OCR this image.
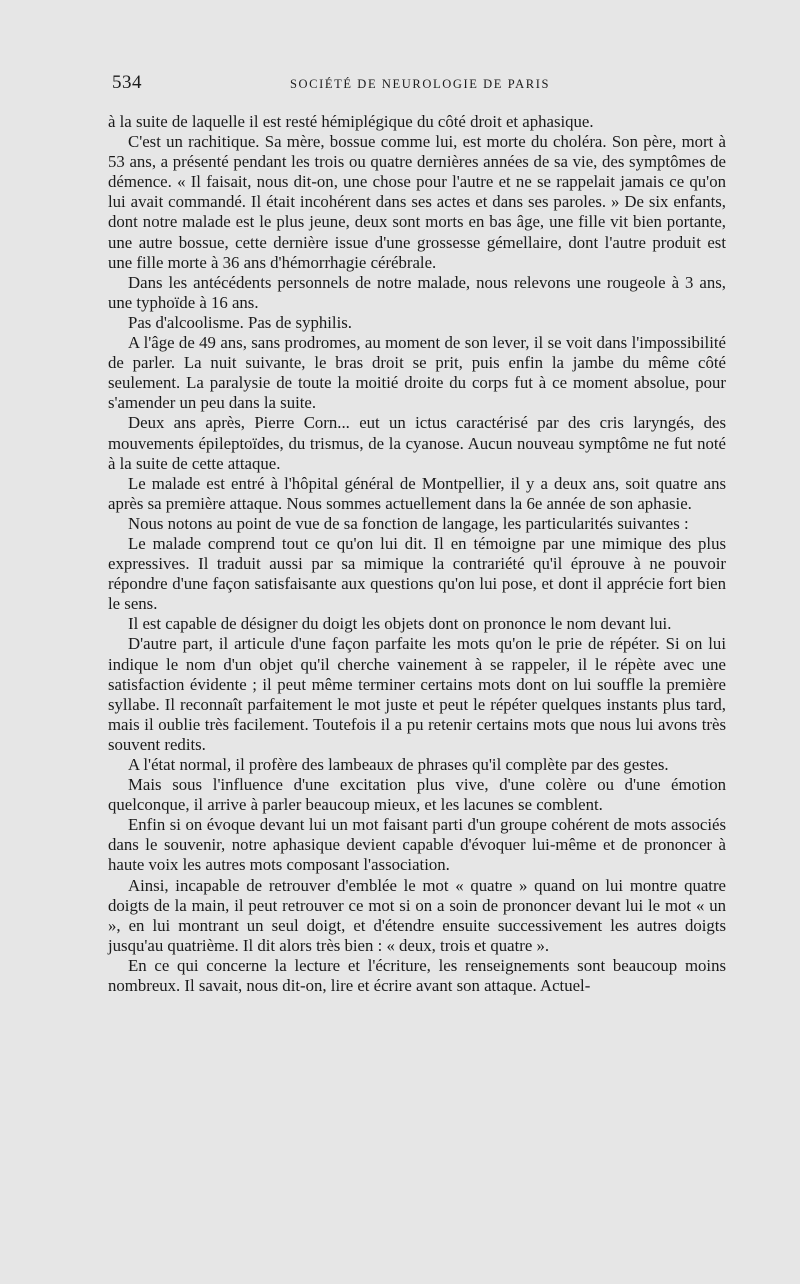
534	SOCIÉTÉ DE NEUROLOGIE DE PARIS

à la suite de laquelle il est resté hémiplégique du côté droit et aphasique.

C'est un rachitique. Sa mère, bossue comme lui, est morte du choléra. Son père, mort à 53 ans, a présenté pendant les trois ou quatre dernières années de sa vie, des symptômes de démence. « Il faisait, nous dit-on, une chose pour l'autre et ne se rappelait jamais ce qu'on lui avait commandé. Il était incohérent dans ses actes et dans ses paroles. » De six enfants, dont notre malade est le plus jeune, deux sont morts en bas âge, une fille vit bien portante, une autre bossue, cette dernière issue d'une grossesse gémellaire, dont l'autre produit est une fille morte à 36 ans d'hémorrhagie cérébrale.

Dans les antécédents personnels de notre malade, nous relevons une rougeole à 3 ans, une typhoïde à 16 ans.

Pas d'alcoolisme. Pas de syphilis.

A l'âge de 49 ans, sans prodromes, au moment de son lever, il se voit dans l'impossibilité de parler. La nuit suivante, le bras droit se prit, puis enfin la jambe du même côté seulement. La paralysie de toute la moitié droite du corps fut à ce moment absolue, pour s'amender un peu dans la suite.

Deux ans après, Pierre Corn... eut un ictus caractérisé par des cris laryngés, des mouvements épileptoïdes, du trismus, de la cyanose. Aucun nouveau symptôme ne fut noté à la suite de cette attaque.

Le malade est entré à l'hôpital général de Montpellier, il y a deux ans, soit quatre ans après sa première attaque. Nous sommes actuellement dans la 6e année de son aphasie.

Nous notons au point de vue de sa fonction de langage, les particularités suivantes :

Le malade comprend tout ce qu'on lui dit. Il en témoigne par une mimique des plus expressives. Il traduit aussi par sa mimique la contrariété qu'il éprouve à ne pouvoir répondre d'une façon satisfaisante aux questions qu'on lui pose, et dont il apprécie fort bien le sens.

Il est capable de désigner du doigt les objets dont on prononce le nom devant lui.

D'autre part, il articule d'une façon parfaite les mots qu'on le prie de répéter. Si on lui indique le nom d'un objet qu'il cherche vainement à se rappeler, il le répète avec une satisfaction évidente ; il peut même terminer certains mots dont on lui souffle la première syllabe. Il reconnaît parfaitement le mot juste et peut le répéter quelques instants plus tard, mais il oublie très facilement. Toutefois il a pu retenir certains mots que nous lui avons très souvent redits.

A l'état normal, il profère des lambeaux de phrases qu'il complète par des gestes.

Mais sous l'influence d'une excitation plus vive, d'une colère ou d'une émotion quelconque, il arrive à parler beaucoup mieux, et les lacunes se comblent.

Enfin si on évoque devant lui un mot faisant parti d'un groupe cohérent de mots associés dans le souvenir, notre aphasique devient capable d'évoquer lui-même et de prononcer à haute voix les autres mots composant l'association.

Ainsi, incapable de retrouver d'emblée le mot « quatre » quand on lui montre quatre doigts de la main, il peut retrouver ce mot si on a soin de prononcer devant lui le mot « un », en lui montrant un seul doigt, et d'étendre ensuite successivement les autres doigts jusqu'au quatrième. Il dit alors très bien : « deux, trois et quatre ».

En ce qui concerne la lecture et l'écriture, les renseignements sont beaucoup moins nombreux. Il savait, nous dit-on, lire et écrire avant son attaque. Actuel-
